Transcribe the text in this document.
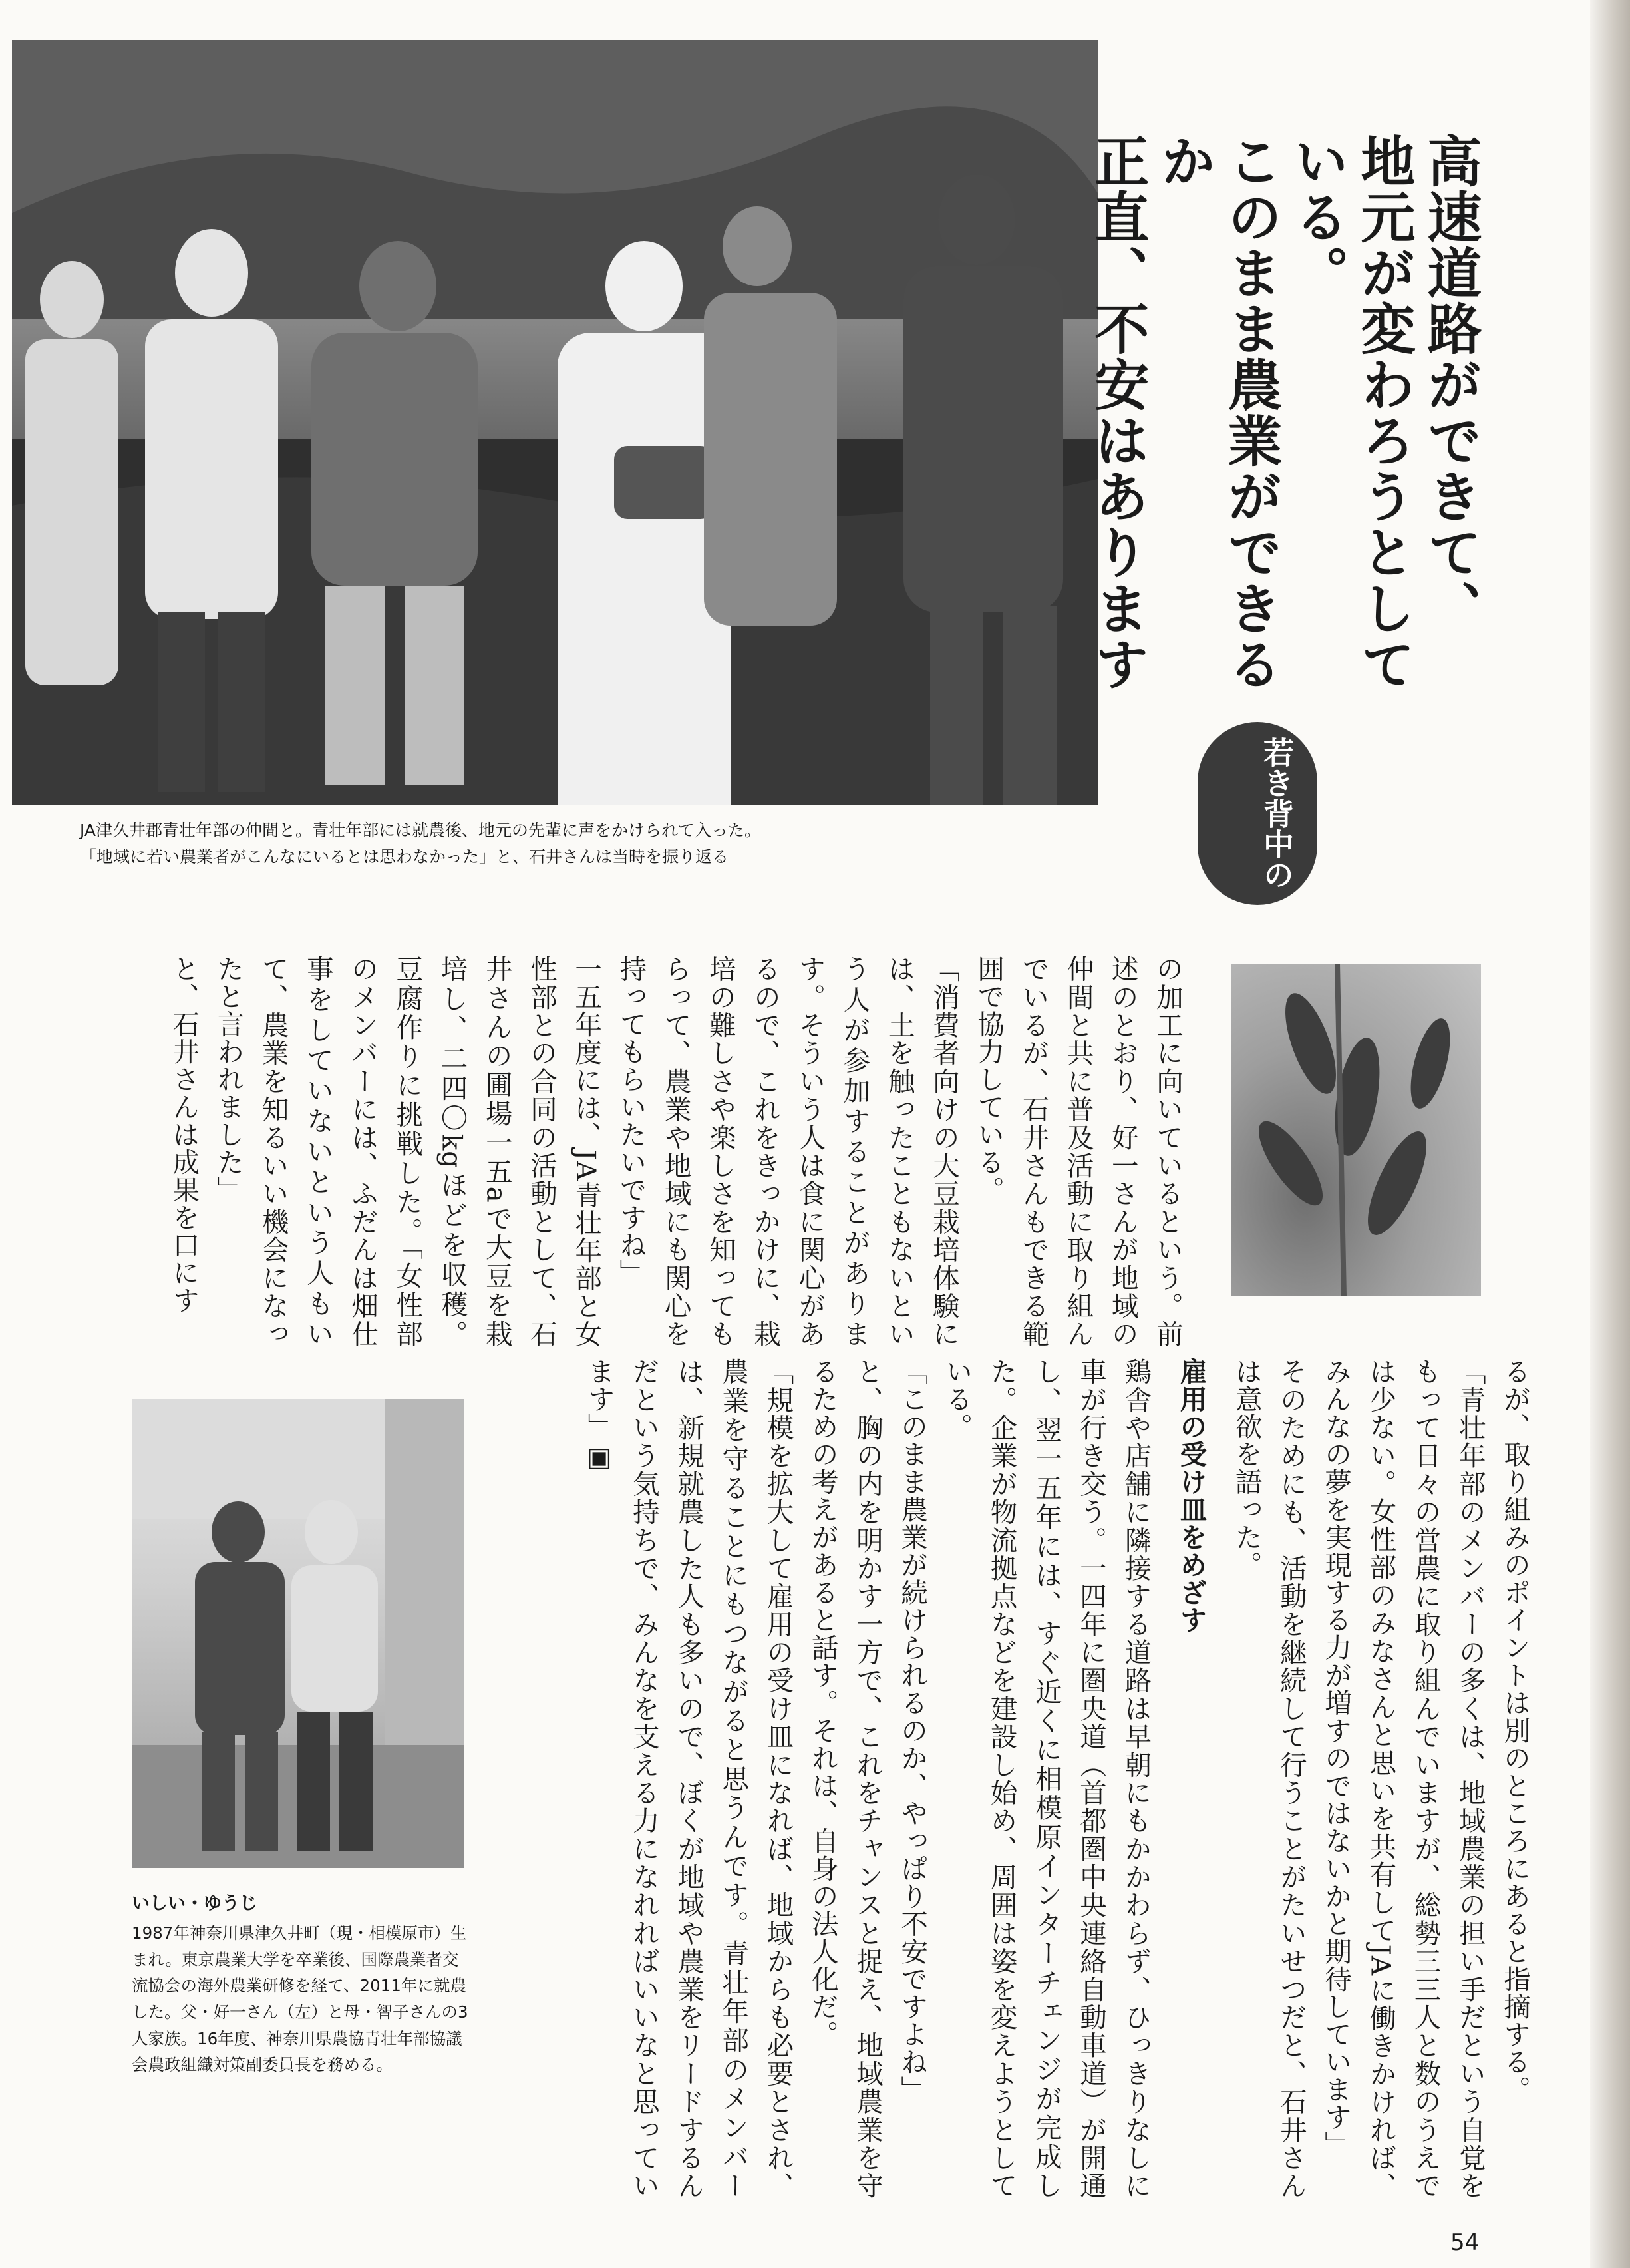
高速道路ができて、
地元が変わろうとしている。
このまま農業ができるか
正直、不安はあります
若き背中の
JA津久井郡青壮年部の仲間と。青壮年部には就農後、地元の先輩に声をかけられて入った。
「地域に若い農業者がこんなにいるとは思わなかった」と、石井さんは当時を振り返る
いしい・ゆうじ
1987年神奈川県津久井町（現・相模原市）生まれ。東京農業大学を卒業後、国際農業者交流協会の海外農業研修を経て、2011年に就農した。父・好一さん（左）と母・智子さんの3人家族。16年度、神奈川県農協青壮年部協議会農政組織対策副委員長を務める。

の加工に向いているという。前述のとおり、好一さんが地域の仲間と共に普及活動に取り組んでいるが、石井さんもできる範囲で協力している。

「消費者向けの大豆栽培体験には、土を触ったこともないという人が参加することがあります。そういう人は食に関心があるので、これをきっかけに、栽培の難しさや楽しさを知ってもらって、農業や地域にも関心を持ってもらいたいですね」

一五年度には、JA青壮年部と女性部との合同の活動として、石井さんの圃場一五aで大豆を栽培し、二四〇kgほどを収穫。豆腐作りに挑戦した。「女性部のメンバーには、ふだんは畑仕事をしていないという人もいて、農業を知るいい機会になったと言われました」

と、石井さんは成果を口にす

るが、取り組みのポイントは別のところにあると指摘する。

「青壮年部のメンバーの多くは、地域農業の担い手だという自覚をもって日々の営農に取り組んでいますが、総勢三三人と数のうえでは少ない。女性部のみなさんと思いを共有してJAに働きかければ、みんなの夢を実現する力が増すのではないかと期待しています」

そのためにも、活動を継続して行うことがたいせつだと、石井さんは意欲を語った。

雇用の受け皿をめざす

鶏舎や店舗に隣接する道路は早朝にもかかわらず、ひっきりなしに車が行き交う。一四年に圏央道（首都圏中央連絡自動車道）が開通し、翌一五年には、すぐ近くに相模原インターチェンジが完成した。企業が物流拠点などを建設し始め、周囲は姿を変えようとしている。

「このまま農業が続けられるのか、やっぱり不安ですよね」

と、胸の内を明かす一方で、これをチャンスと捉え、地域農業を守るための考えがあると話す。それは、自身の法人化だ。

「規模を拡大して雇用の受け皿になれば、地域からも必要とされ、農業を守ることにもつながると思うんです。青壮年部のメンバーは、新規就農した人も多いので、ぼくが地域や農業をリードするんだという気持ちで、みんなを支える力になれればいいなと思っています」▣

54
